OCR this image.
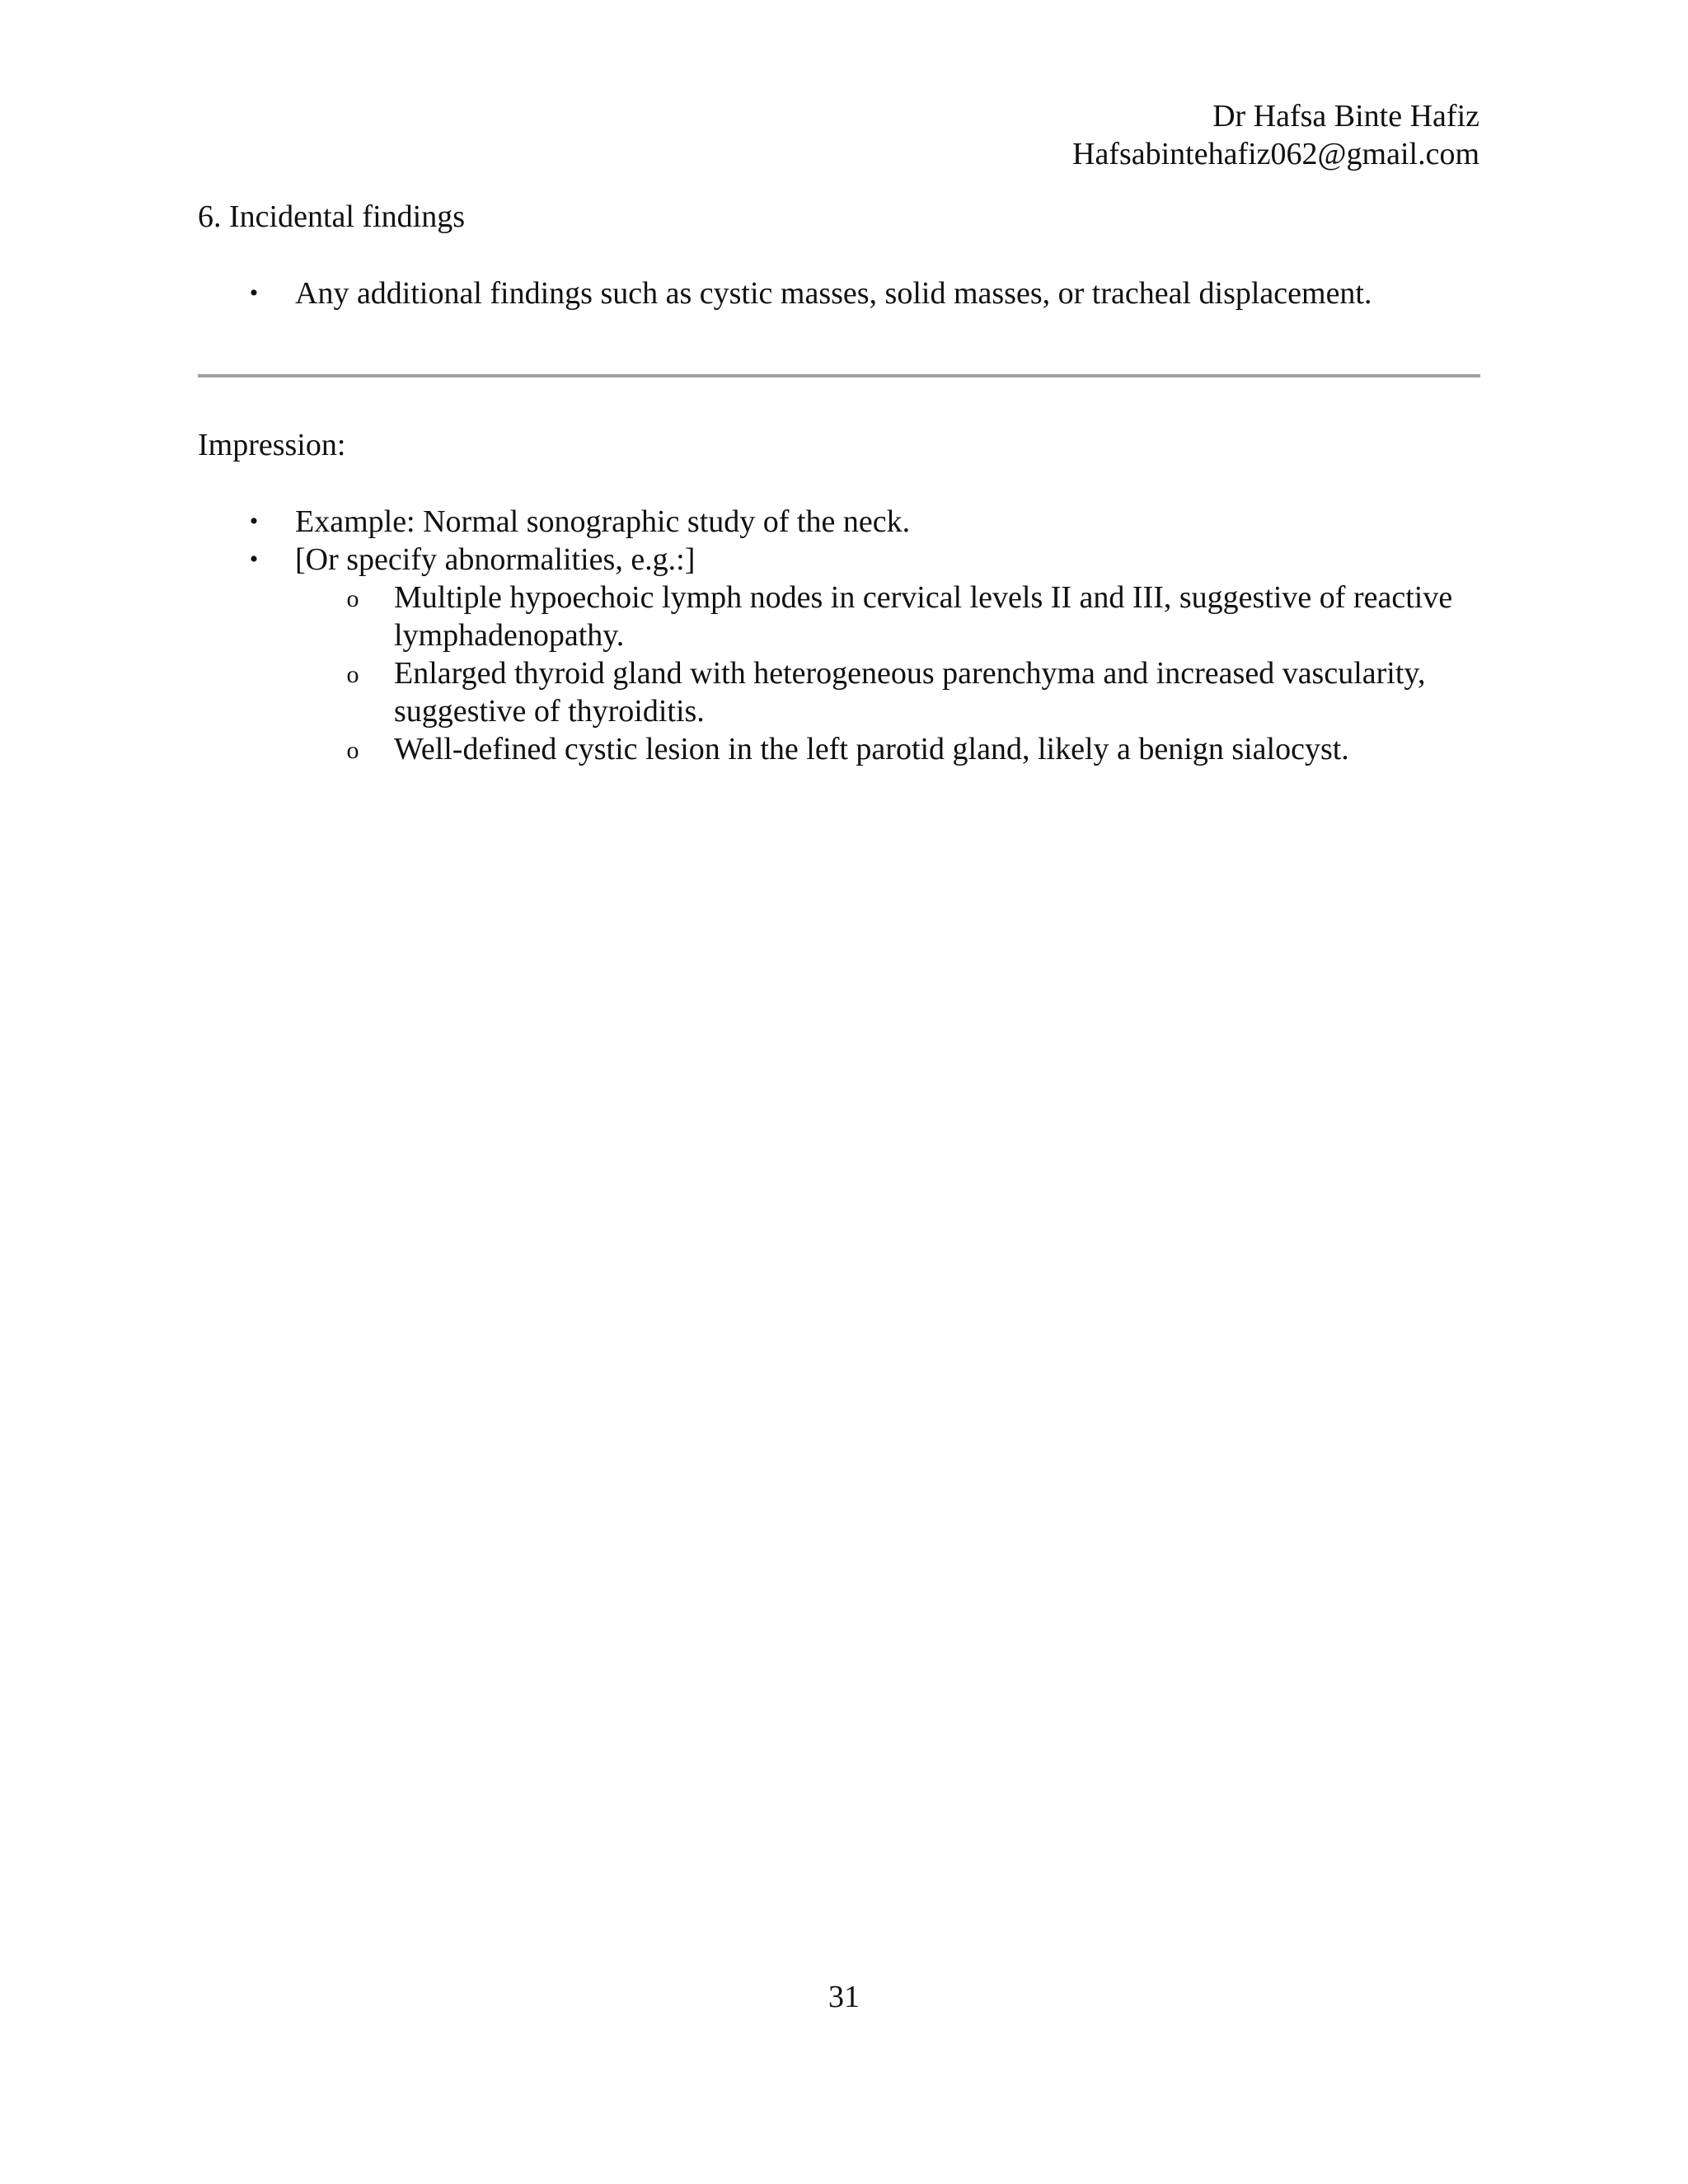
Dr Hafsa Binte Hafiz
Hafsabintehafiz062@gmail.com
6. Incidental findings
• Any additional findings such as cystic masses, solid masses, or tracheal displacement.
Impression:
• Example: Normal sonographic study of the neck.
• [Or specify abnormalities, e.g.:]
o Multiple hypoechoic lymph nodes in cervical levels II and III, suggestive of reactive lymphadenopathy.
o Enlarged thyroid gland with heterogeneous parenchyma and increased vascularity, suggestive of thyroiditis.
o Well-defined cystic lesion in the left parotid gland, likely a benign sialocyst.
31
